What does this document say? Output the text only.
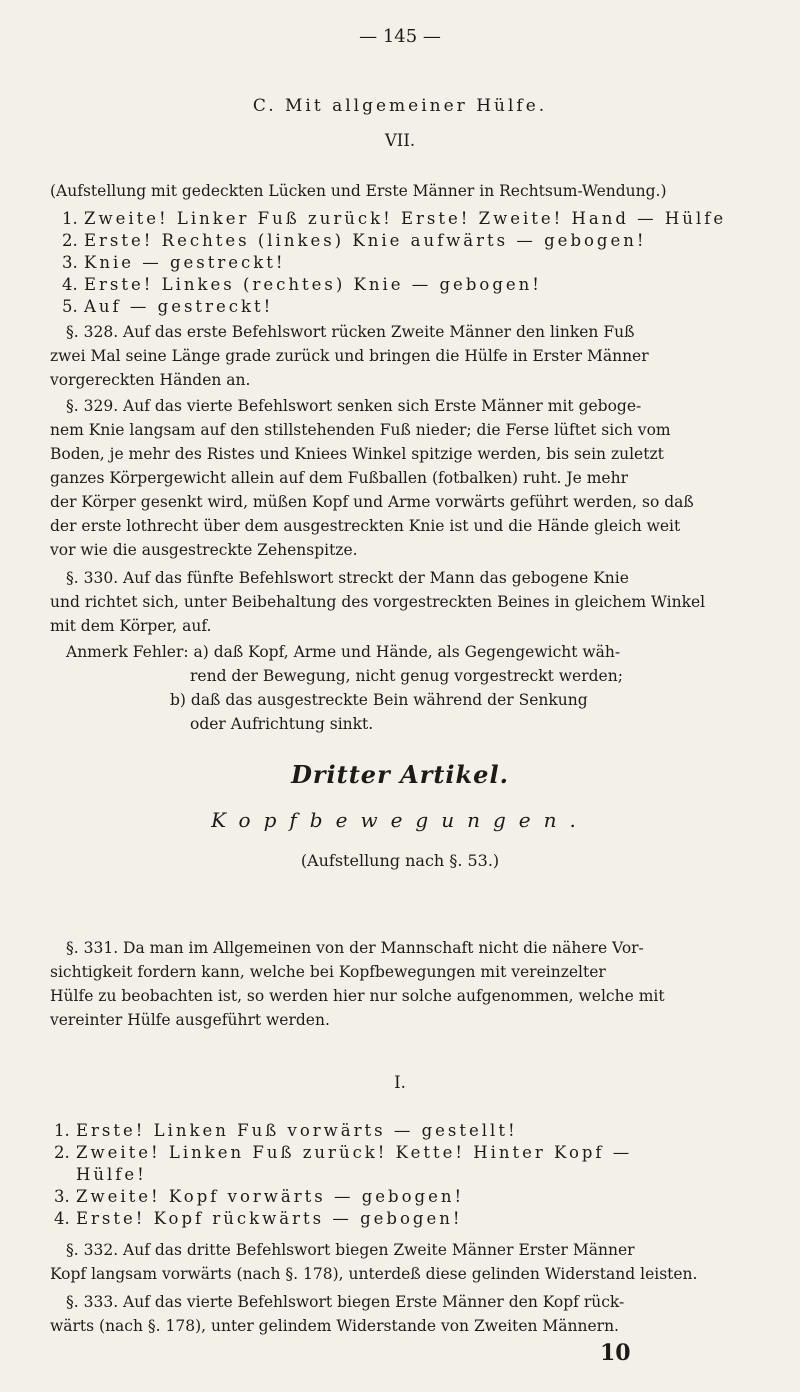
— 145 —
C. Mit allgemeiner Hülfe.
VII.
(Aufstellung mit gedeckten Lücken und Erste Männer in Rechtsum-Wendung.)
1. Zweite! Linker Fuß zurück! Erste! Zweite! Hand — Hülfe
2. Erste! Rechtes (linkes) Knie aufwärts — gebogen!
3. Knie — gestreckt!
4. Erste! Linkes (rechtes) Knie — gebogen!
5. Auf — gestreckt!
§. 328. Auf das erste Befehlswort rücken Zweite Männer den linken Fuß
zwei Mal seine Länge grade zurück und bringen die Hülfe in Erster Männer
vorgereckten Händen an.
§. 329. Auf das vierte Befehlswort senken sich Erste Männer mit geboge-
nem Knie langsam auf den stillstehenden Fuß nieder; die Ferse lüftet sich vom
Boden, je mehr des Ristes und Kniees Winkel spitzige werden, bis sein zuletzt
ganzes Körpergewicht allein auf dem Fußballen (fotbalken) ruht. Je mehr
der Körper gesenkt wird, müßen Kopf und Arme vorwärts geführt werden, so daß
der erste lothrecht über dem ausgestreckten Knie ist und die Hände gleich weit
vor wie die ausgestreckte Zehenspitze.
§. 330. Auf das fünfte Befehlswort streckt der Mann das gebogene Knie
und richtet sich, unter Beibehaltung des vorgestreckten Beines in gleichem Winkel
mit dem Körper, auf.
Anmerk Fehler: a) daß Kopf, Arme und Hände, als Gegengewicht wäh-
rend der Bewegung, nicht genug vorgestreckt werden;
b) daß das ausgestreckte Bein während der Senkung
oder Aufrichtung sinkt.
Dritter Artikel.
Kopfbewegungen.
(Aufstellung nach §. 53.)
§. 331. Da man im Allgemeinen von der Mannschaft nicht die nähere Vor-
sichtigkeit fordern kann, welche bei Kopfbewegungen mit vereinzelter
Hülfe zu beobachten ist, so werden hier nur solche aufgenommen, welche mit
vereinter Hülfe ausgeführt werden.
I.
1. Erste! Linken Fuß vorwärts — gestellt!
2. Zweite! Linken Fuß zurück! Kette! Hinter Kopf —
Hülfe!
3. Zweite! Kopf vorwärts — gebogen!
4. Erste! Kopf rückwärts — gebogen!
§. 332. Auf das dritte Befehlswort biegen Zweite Männer Erster Männer
Kopf langsam vorwärts (nach §. 178), unterdeß diese gelinden Widerstand leisten.
§. 333. Auf das vierte Befehlswort biegen Erste Männer den Kopf rück-
wärts (nach §. 178), unter gelindem Widerstande von Zweiten Männern.
10
